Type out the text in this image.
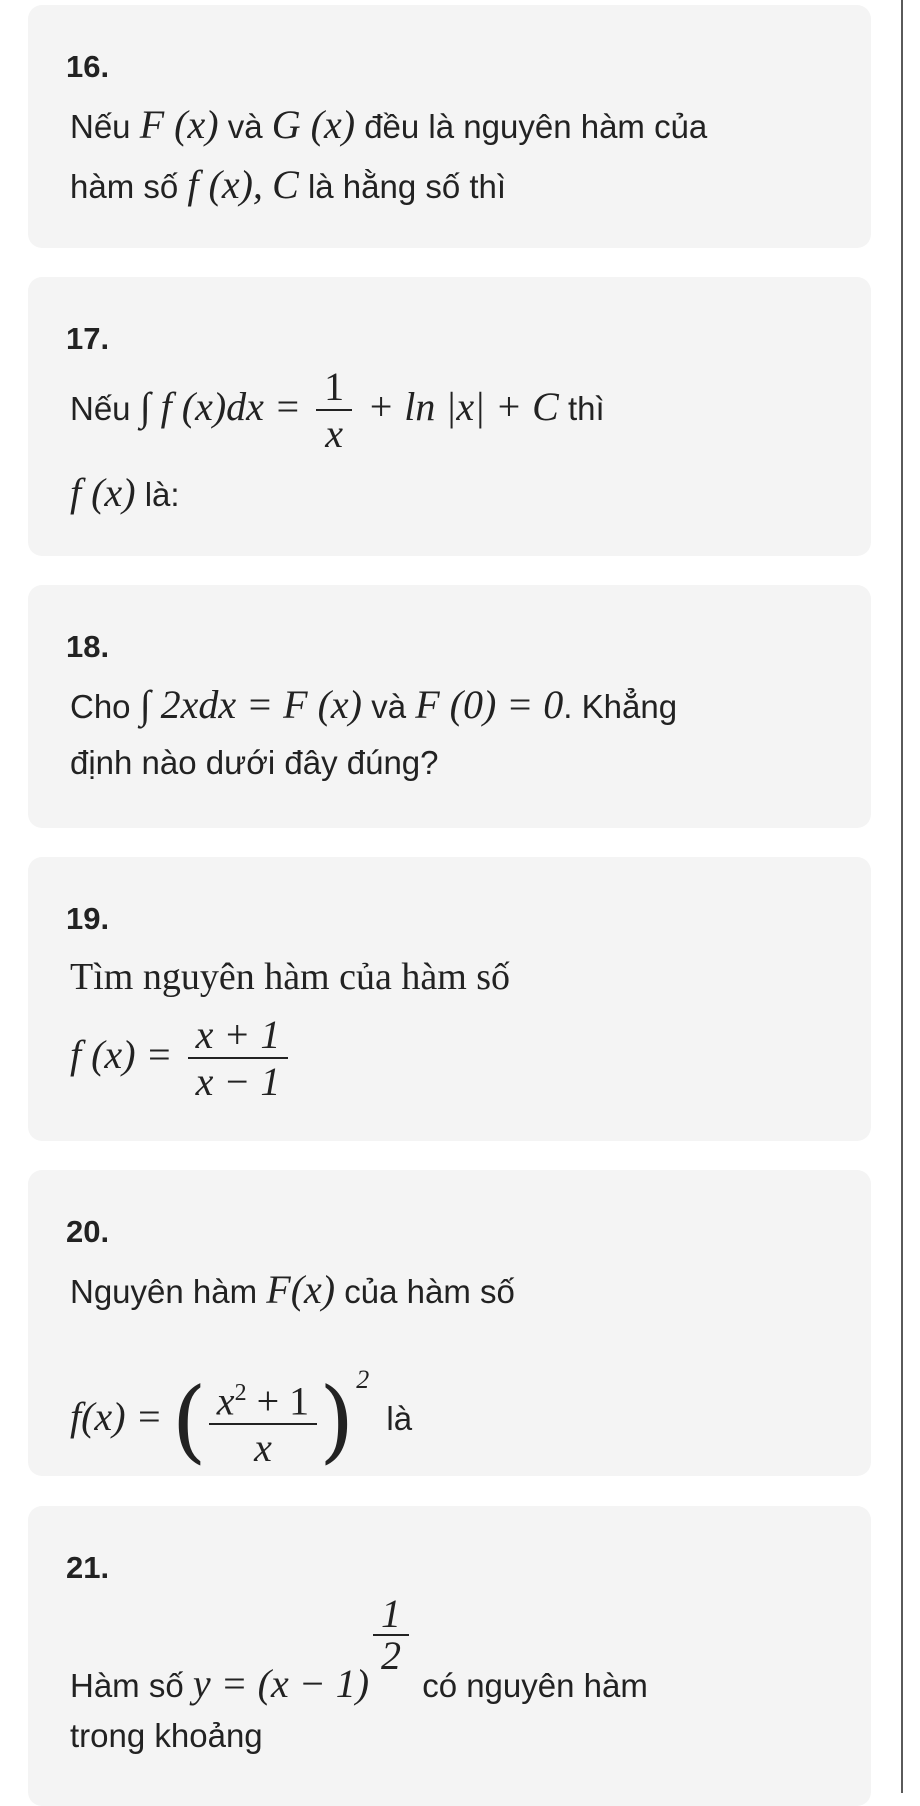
16.
Nếu F (x) và G (x) đều là nguyên hàm của
hàm số f (x), C là hằng số thì
17.
Nếu ∫ f $(x)dx = \frac{1}{x} + \ln |x| + C$ thì
f (x) là:
18.
Cho ∫ 2xdx = F (x) và F (0) = 0. Khẳng
định nào dưới đây đúng?
19.
Tìm nguyên hàm của hàm số
f $(x) = \frac{x + 1}{x - 1}$
20.
Nguyên hàm F(x) của hàm số
f(x) = ( $\frac{x^2 + 1}{x} )^2$ là
21.
Hàm số y = (x − 1)
$\frac{1}{2}$
có nguyên hàm
trong khoảng
